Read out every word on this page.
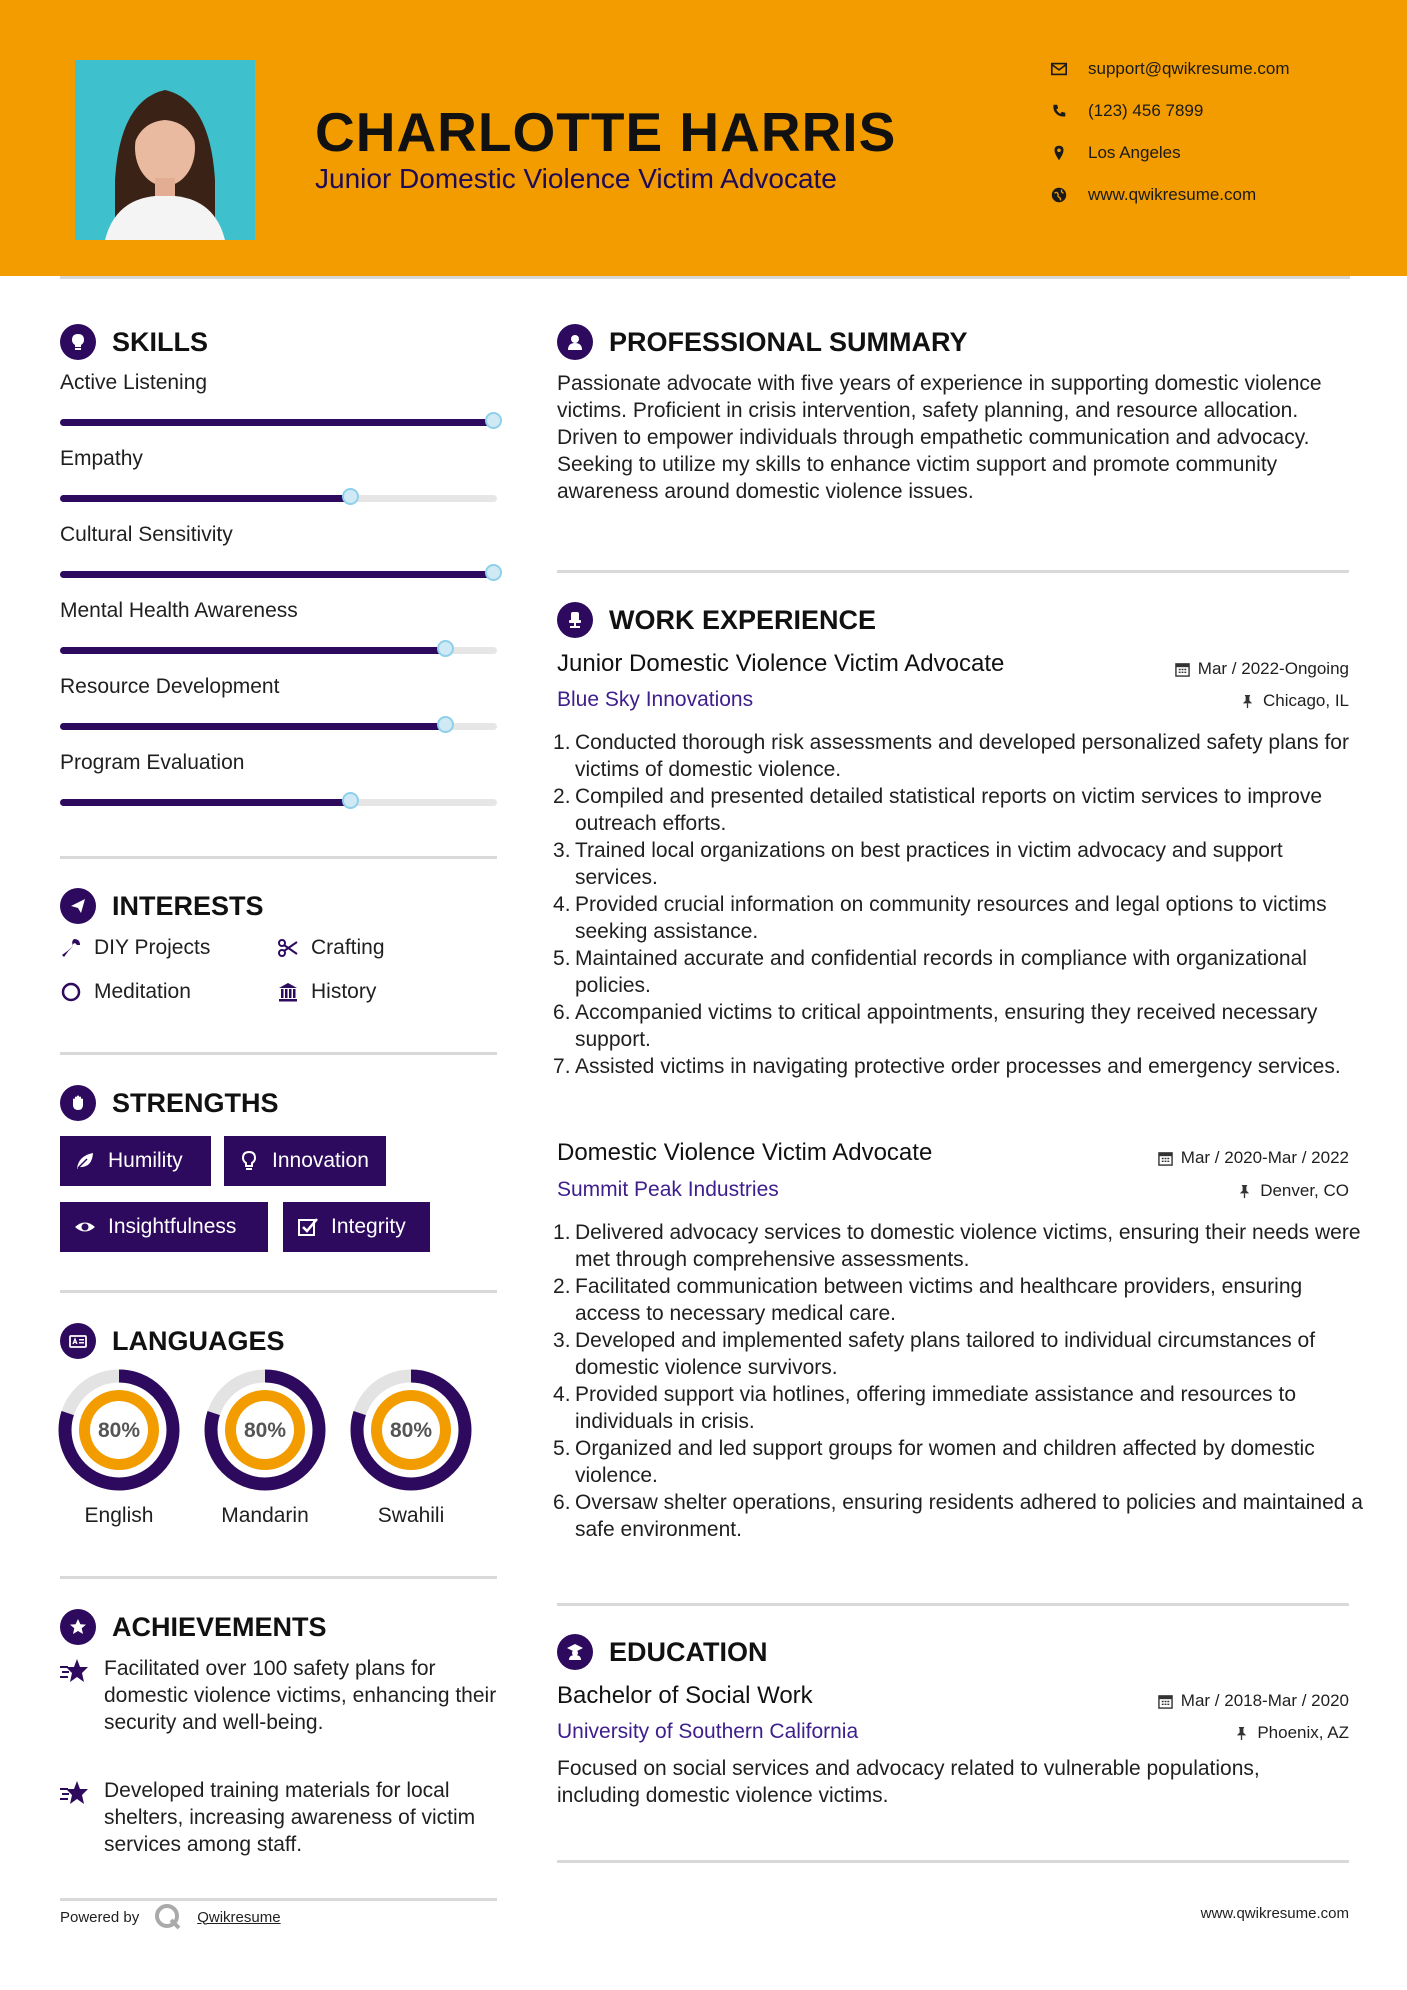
CHARLOTTE HARRIS
Junior Domestic Violence Victim Advocate
support@qwikresume.com
(123) 456 7899
Los Angeles
www.qwikresume.com
SKILLS
Active Listening
Empathy
Cultural Sensitivity
Mental Health Awareness
Resource Development
Program Evaluation
INTERESTS
DIY Projects	Crafting
Meditation	History
STRENGTHS
Humility	Innovation
Insightfulness	Integrity
LANGUAGES
80%
English
80%
Mandarin
80%
Swahili
ACHIEVEMENTS
Facilitated over 100 safety plans for domestic violence victims, enhancing their security and well-being.
Developed training materials for local shelters, increasing awareness of victim services among staff.
PROFESSIONAL SUMMARY
Passionate advocate with five years of experience in supporting domestic violence victims. Proficient in crisis intervention, safety planning, and resource allocation. Driven to empower individuals through empathetic communication and advocacy. Seeking to utilize my skills to enhance victim support and promote community awareness around domestic violence issues.
WORK EXPERIENCE
Junior Domestic Violence Victim Advocate	Mar / 2022-Ongoing
Blue Sky Innovations	Chicago, IL
Conducted thorough risk assessments and developed personalized safety plans for victims of domestic violence.
Compiled and presented detailed statistical reports on victim services to improve outreach efforts.
Trained local organizations on best practices in victim advocacy and support services.
Provided crucial information on community resources and legal options to victims seeking assistance.
Maintained accurate and confidential records in compliance with organizational policies.
Accompanied victims to critical appointments, ensuring they received necessary support.
Assisted victims in navigating protective order processes and emergency services.
Domestic Violence Victim Advocate	Mar / 2020-Mar / 2022
Summit Peak Industries	Denver, CO
Delivered advocacy services to domestic violence victims, ensuring their needs were met through comprehensive assessments.
Facilitated communication between victims and healthcare providers, ensuring access to necessary medical care.
Developed and implemented safety plans tailored to individual circumstances of domestic violence survivors.
Provided support via hotlines, offering immediate assistance and resources to individuals in crisis.
Organized and led support groups for women and children affected by domestic violence.
Oversaw shelter operations, ensuring residents adhered to policies and maintained a safe environment.
EDUCATION
Bachelor of Social Work	Mar / 2018-Mar / 2020
University of Southern California	Phoenix, AZ
Focused on social services and advocacy related to vulnerable populations, including domestic violence victims.
Powered by	Qwikresume	www.qwikresume.com
